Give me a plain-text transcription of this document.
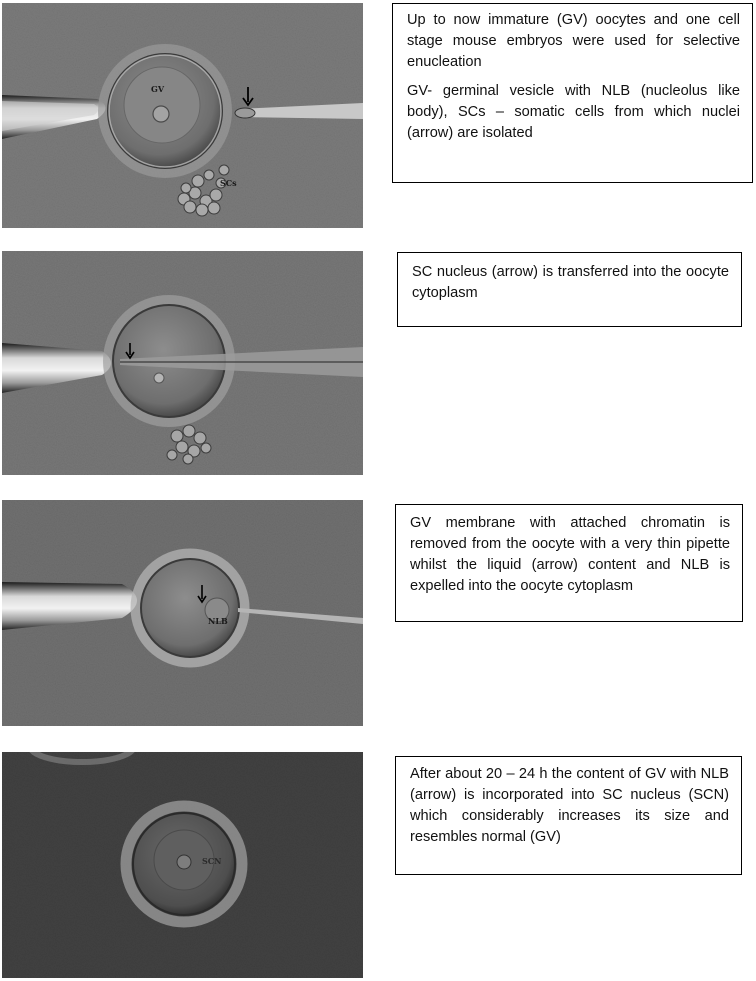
GV
SCs
NLB
SCN

Up to now immature (GV) oocytes and one cell stage mouse embryos were used for selective enucleation

GV- germinal vesicle with NLB (nucleolus like body), SCs – somatic cells from which nuclei (arrow) are isolated

SC nucleus (arrow) is transferred into the oocyte cytoplasm

GV membrane with attached chromatin is removed from the oocyte with a very thin pipette whilst the liquid (arrow) content and NLB is expelled into the oocyte cytoplasm

After about 20 – 24 h the content of GV with NLB (arrow) is incorporated into SC nucleus (SCN) which considerably increases its size and resembles normal (GV)
